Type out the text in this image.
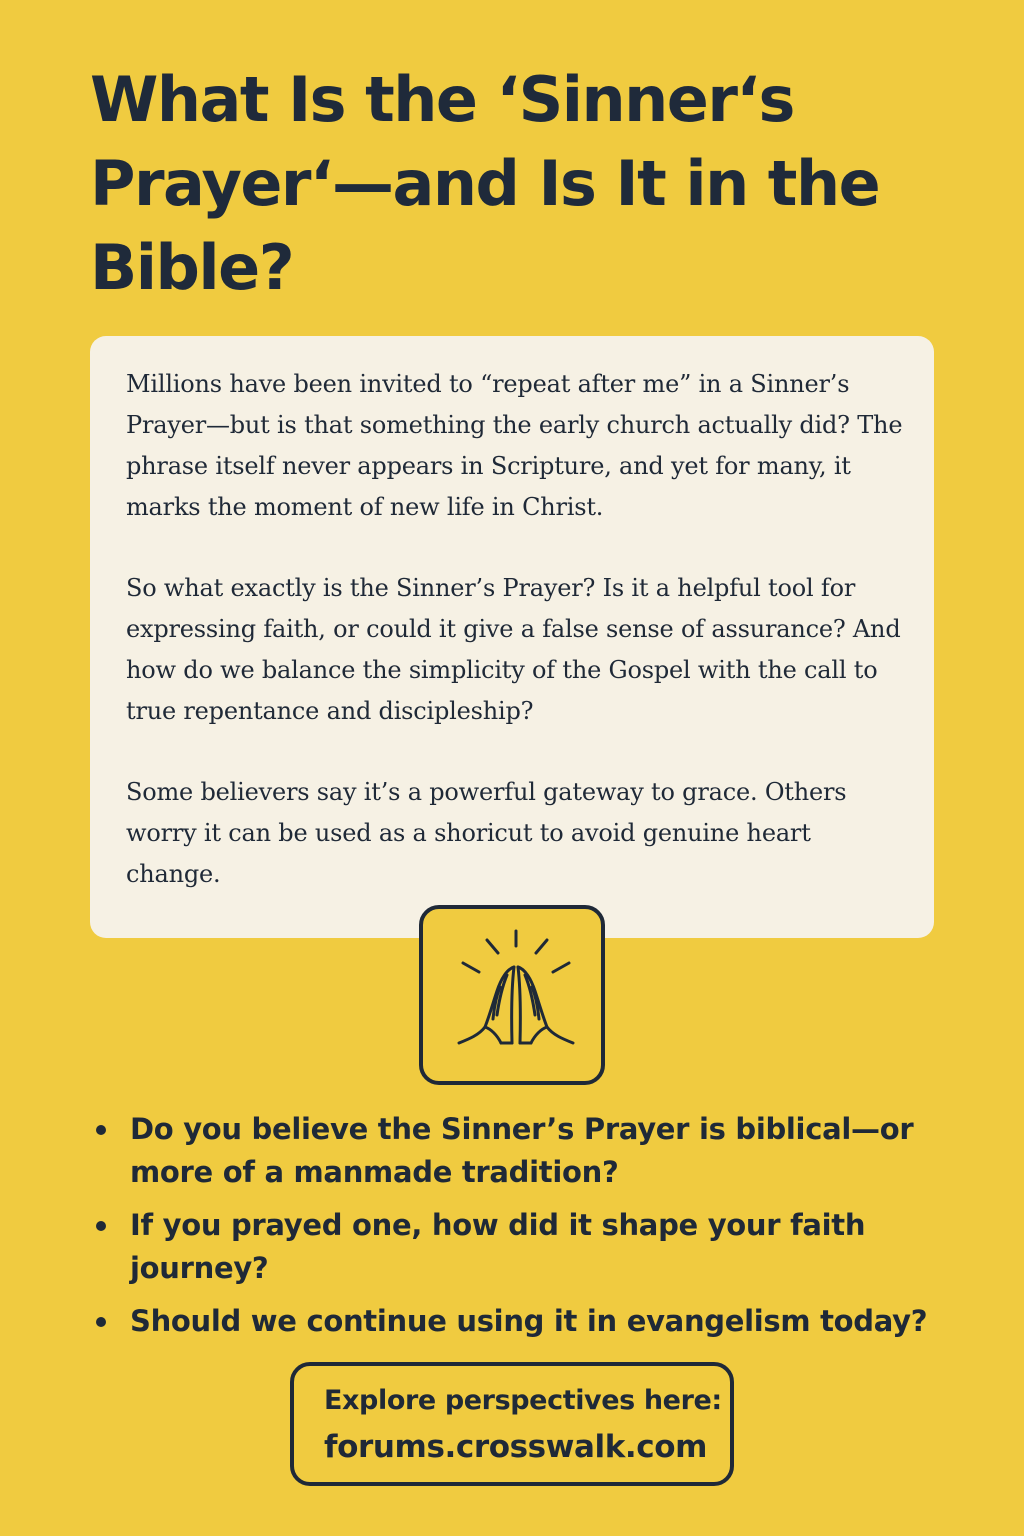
What Is the ‘Sinner‘s Prayer‘—and Is It in the Bible?

Millions have been invited to “repeat after me” in a Sinner’s Prayer—but is that something the early church actually did? The phrase itself never appears in Scripture, and yet for many, it marks the moment of new life in Christ.

So what exactly is the Sinner’s Prayer? Is it a helpful tool for expressing faith, or could it give a false sense of assurance? And how do we balance the simplicity of the Gospel with the call to true repentance and discipleship?

Some believers say it’s a powerful gateway to grace. Others worry it can be used as a shoricut to avoid genuine heart change.

Do you believe the Sinner’s Prayer is biblical—or more of a manmade tradition?
If you prayed one, how did it shape your faith journey?
Should we continue using it in evangelism today?
Explore perspectives here:
forums.crosswalk.com
